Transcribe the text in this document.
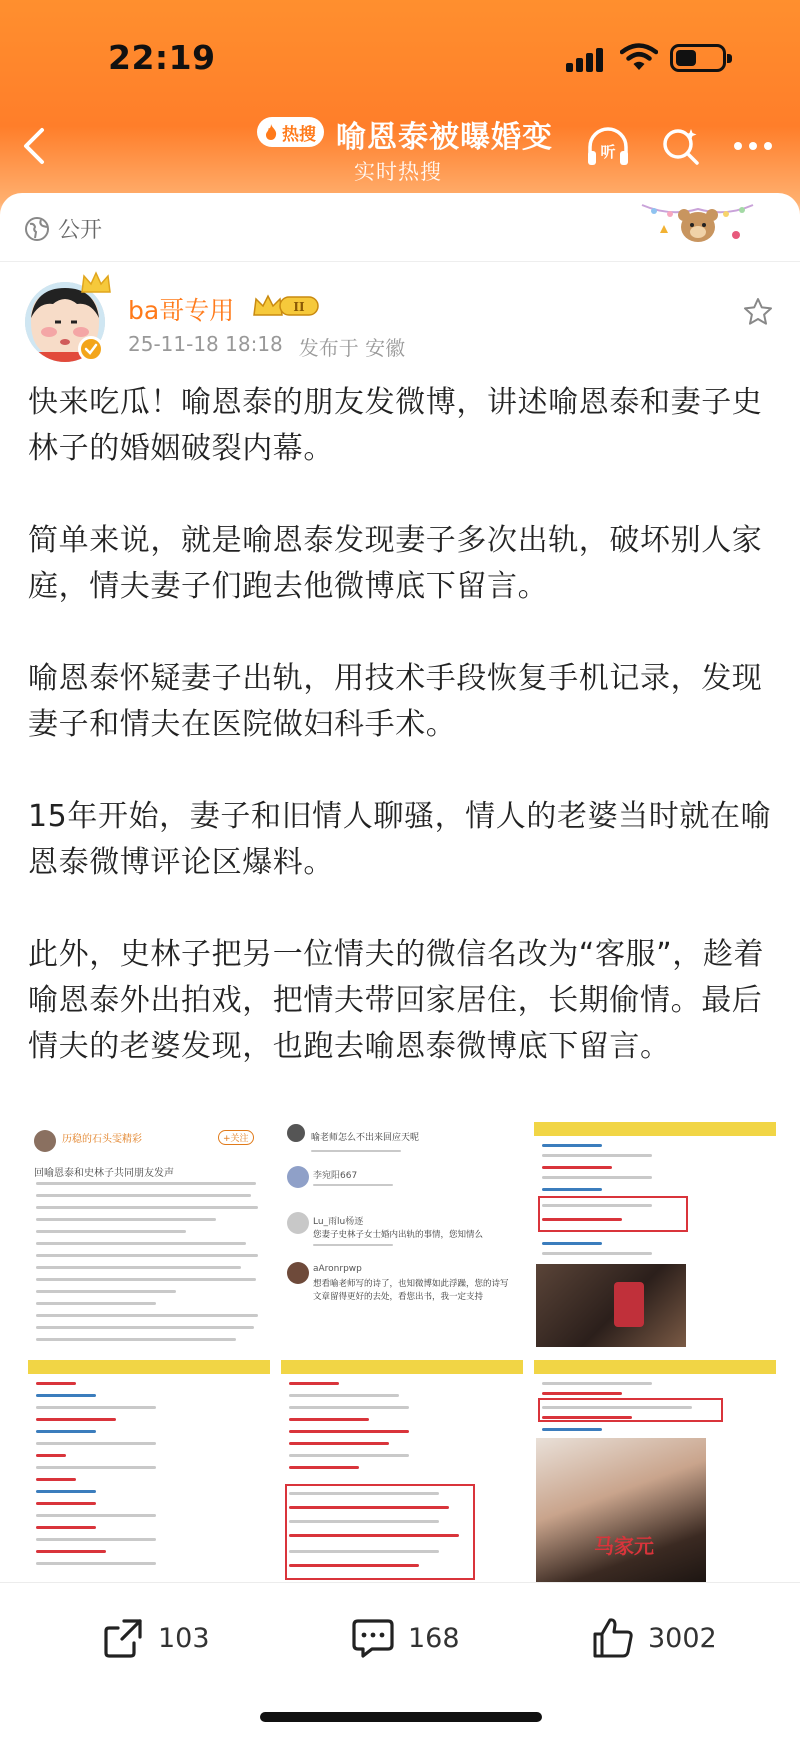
22:19
热搜 喻恩泰被曝婚变
实时热搜
听
公开
ba哥专用	II
25-11-18 18:18 发布于 安徽

快来吃瓜！喻恩泰的朋友发微博，讲述喻恩泰和妻子史林子的婚姻破裂内幕。

简单来说，就是喻恩泰发现妻子多次出轨，破坏别人家庭，情夫妻子们跑去他微博底下留言。

喻恩泰怀疑妻子出轨，用技术手段恢复手机记录，发现妻子和情夫在医院做妇科手术。

15年开始，妻子和旧情人聊骚，情人的老婆当时就在喻恩泰微博评论区爆料。

此外，史林子把另一位情夫的微信名改为“客服”，趁着喻恩泰外出拍戏，把情夫带回家居住，长期偷情。最后情夫的老婆发现，也跑去喻恩泰微博底下留言。

历稳的石头雯精彩	+关注
回喻恩泰和史林子共同朋友发声
喻老师怎么不出来回应天呢
李宛阳667
Lu_雨lu杨逐
您妻子史林子女士婚内出轨的事情，您知情么
aAronrpwp
想看喻老师写的诗了，也知微博如此浮躁，您的诗写文章留得更好的去处，看您出书，我一定支持
马家元
103	168	3002
